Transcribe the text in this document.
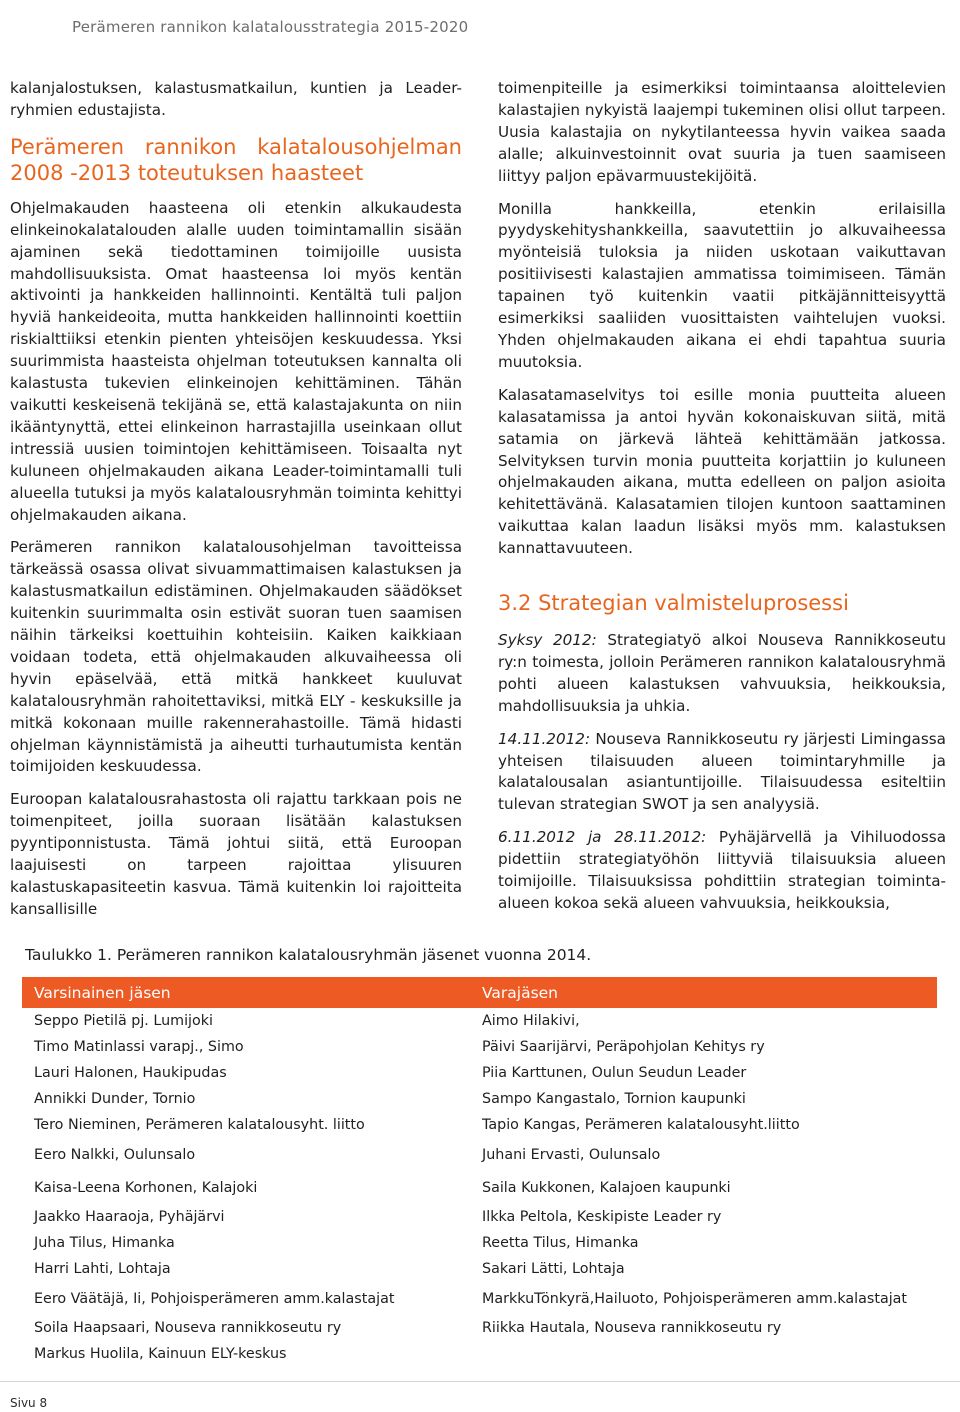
Perämeren rannikon kalatalousstrategia 2015-2020

kalanjalostuksen, kalastusmatkailun, kuntien ja Leader-ryhmien edustajista.

Perämeren rannikon kalatalousohjelman 2008 -2013 toteutuksen haasteet

Ohjelmakauden haasteena oli etenkin alkukaudesta elinkeinokalatalouden alalle uuden toimintamallin sisään ajaminen sekä tiedottaminen toimijoille uusista mahdollisuuksista. Omat haasteensa loi myös kentän aktivointi ja hankkeiden hallinnointi. Kentältä tuli paljon hyviä hankeideoita, mutta hankkeiden hallinnointi koettiin riskialttiiksi etenkin pienten yhteisöjen keskuudessa. Yksi suurimmista haasteista ohjelman toteutuksen kannalta oli kalastusta tukevien elinkeinojen kehittäminen. Tähän vaikutti keskeisenä tekijänä se, että kalastajakunta on niin ikääntynyttä, ettei elinkeinon harrastajilla useinkaan ollut intressiä uusien toimintojen kehittämiseen. Toisaalta nyt kuluneen ohjelmakauden aikana Leader-toimintamalli tuli alueella tutuksi ja myös kalatalousryhmän toiminta kehittyi ohjelmakauden aikana.

Perämeren rannikon kalatalousohjelman tavoitteissa tärkeässä osassa olivat sivuammattimaisen kalastuksen ja kalastusmatkailun edistäminen. Ohjelmakauden säädökset kuitenkin suurimmalta osin estivät suoran tuen saamisen näihin tärkeiksi koettuihin kohteisiin. Kaiken kaikkiaan voidaan todeta, että ohjelmakauden alkuvaiheessa oli hyvin epäselvää, että mitkä hankkeet kuuluvat kalatalousryhmän rahoitettaviksi, mitkä ELY - keskuksille ja mitkä kokonaan muille rakennerahastoille. Tämä hidasti ohjelman käynnistämistä ja aiheutti turhautumista kentän toimijoiden keskuudessa.

Euroopan kalatalousrahastosta oli rajattu tarkkaan pois ne toimenpiteet, joilla suoraan lisätään kalastuksen pyyntiponnistusta. Tämä johtui siitä, että Euroopan laajuisesti on tarpeen rajoittaa ylisuuren kalastuskapasiteetin kasvua. Tämä kuitenkin loi rajoitteita kansallisille

toimenpiteille ja esimerkiksi toimintaansa aloittelevien kalastajien nykyistä laajempi tukeminen olisi ollut tarpeen. Uusia kalastajia on nykytilanteessa hyvin vaikea saada alalle; alkuinvestoinnit ovat suuria ja tuen saamiseen liittyy paljon epävarmuustekijöitä.

Monilla hankkeilla, etenkin erilaisilla pyydyskehityshankkeilla, saavutettiin jo alkuvaiheessa myönteisiä tuloksia ja niiden uskotaan vaikuttavan positiivisesti kalastajien ammatissa toimimiseen. Tämän tapainen työ kuitenkin vaatii pitkäjännitteisyyttä esimerkiksi saaliiden vuosittaisten vaihtelujen vuoksi. Yhden ohjelmakauden aikana ei ehdi tapahtua suuria muutoksia.

Kalasatamaselvitys toi esille monia puutteita alueen kalasatamissa ja antoi hyvän kokonaiskuvan siitä, mitä satamia on järkevä lähteä kehittämään jatkossa. Selvityksen turvin monia puutteita korjattiin jo kuluneen ohjelmakauden aikana, mutta edelleen on paljon asioita kehitettävänä. Kalasatamien tilojen kuntoon saattaminen vaikuttaa kalan laadun lisäksi myös mm. kalastuksen kannattavuuteen.

3.2 Strategian valmisteluprosessi

Syksy 2012: Strategiatyö alkoi Nouseva Rannikkoseutu ry:n toimesta, jolloin Perämeren rannikon kalatalousryhmä pohti alueen kalastuksen vahvuuksia, heikkouksia, mahdollisuuksia ja uhkia.

14.11.2012: Nouseva Rannikkoseutu ry järjesti Limingassa yhteisen tilaisuuden alueen toimintaryhmille ja kalatalousalan asiantuntijoille. Tilaisuudessa esiteltiin tulevan strategian SWOT ja sen analyysiä.

6.11.2012 ja 28.11.2012: Pyhäjärvellä ja Vihiluodossa pidettiin strategiatyöhön liittyviä tilaisuuksia alueen toimijoille. Tilaisuuksissa pohdittiin strategian toiminta-alueen kokoa sekä alueen vahvuuksia, heikkouksia,

Taulukko 1. Perämeren rannikon kalatalousryhmän jäsenet vuonna 2014.
Varsinainen jäsen	Varajäsen
Seppo Pietilä pj. Lumijoki	Aimo Hilakivi,
Timo Matinlassi varapj., Simo	Päivi Saarijärvi, Peräpohjolan Kehitys ry
Lauri Halonen, Haukipudas	Piia Karttunen, Oulun Seudun Leader
Annikki Dunder, Tornio	Sampo Kangastalo, Tornion kaupunki
Tero Nieminen, Perämeren kalatalousyht. liitto	Tapio Kangas, Perämeren kalatalousyht.liitto
Eero Nalkki, Oulunsalo	Juhani Ervasti, Oulunsalo
Kaisa-Leena Korhonen, Kalajoki	Saila Kukkonen, Kalajoen kaupunki
Jaakko Haaraoja, Pyhäjärvi	Ilkka Peltola, Keskipiste Leader ry
Juha Tilus, Himanka	Reetta Tilus, Himanka
Harri Lahti, Lohtaja	Sakari Lätti, Lohtaja
Eero Väätäjä, Ii, Pohjoisperämeren amm.kalastajat	MarkkuTönkyrä,Hailuoto, Pohjoisperämeren amm.kalastajat
Soila Haapsaari, Nouseva rannikkoseutu ry	Riikka Hautala, Nouseva rannikkoseutu ry
Markus Huolila, Kainuun ELY-keskus	
Sivu 8
